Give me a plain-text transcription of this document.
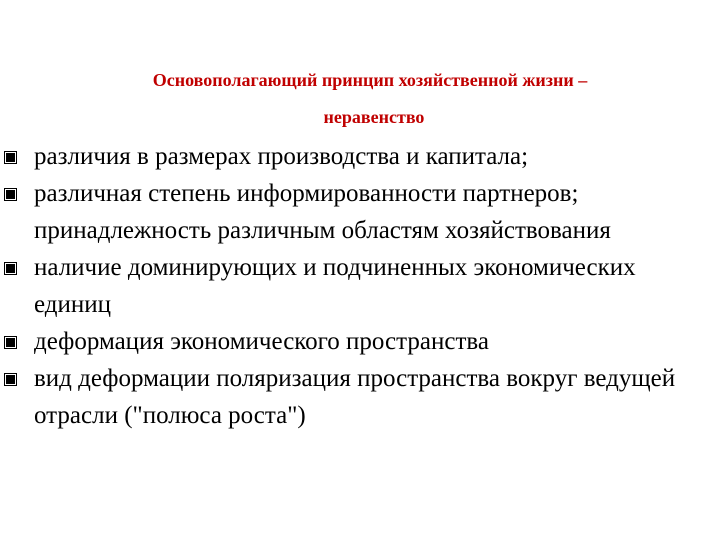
Основополагающий принцип хозяйственной жизни –
неравенство
различия в размерах производства и капитала;
различная степень информированности партнеров; принадлежность различным областям хозяйствования
наличие доминирующих и подчиненных экономических единиц
деформация экономического пространства
вид деформации поляризация пространства вокруг ведущей отрасли ("полюса роста")
